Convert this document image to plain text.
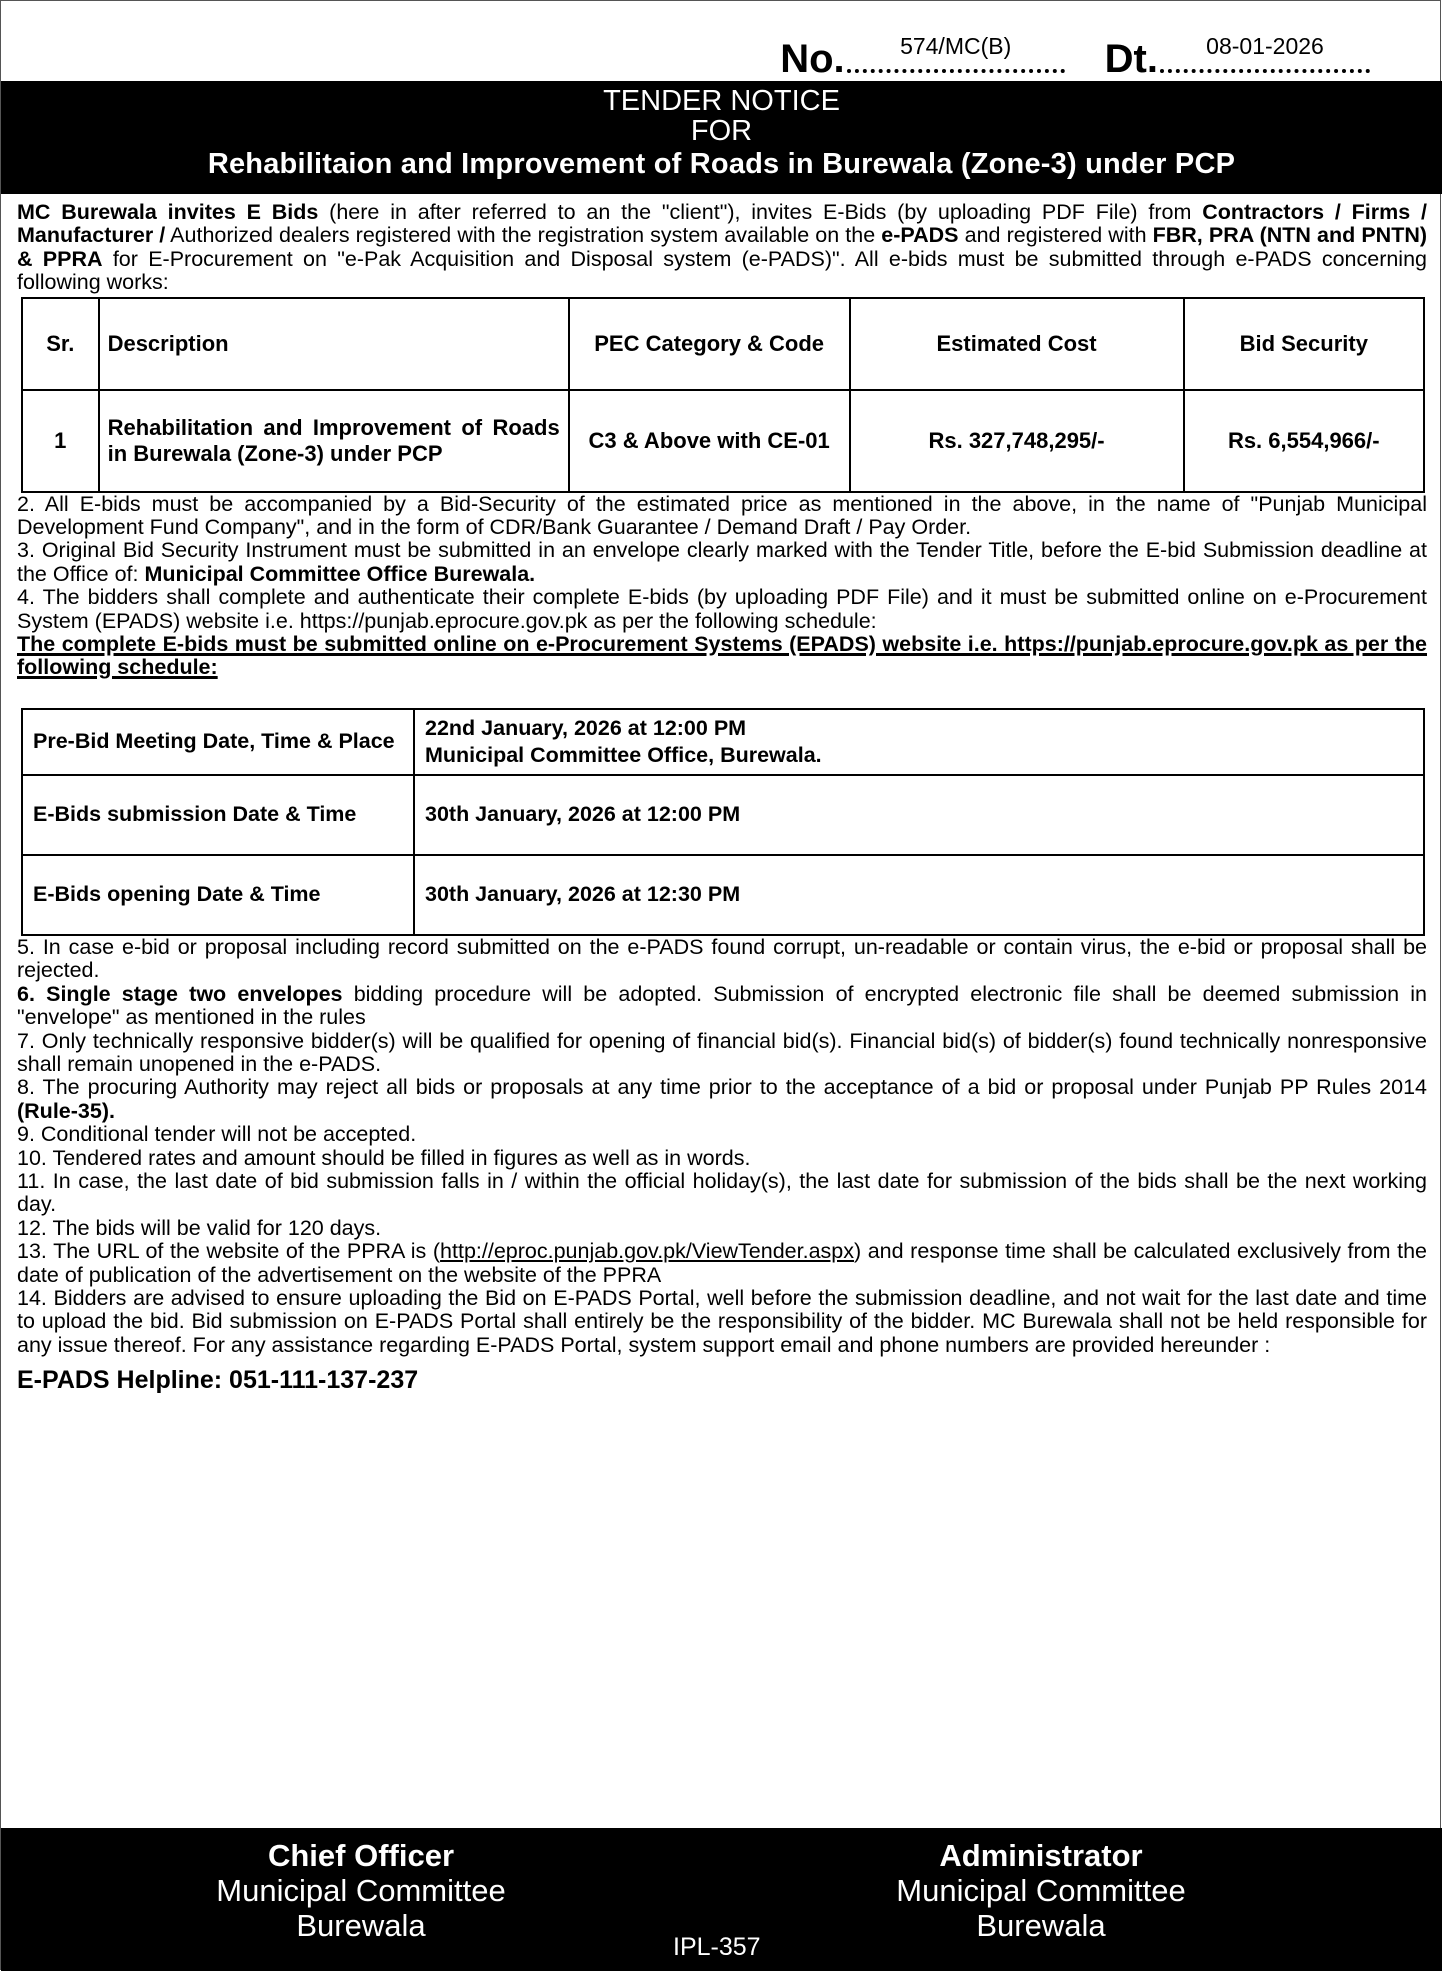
No.	574/MC(B)	Dt.	08-01-2026
TENDER NOTICE
FOR
Rehabilitaion and Improvement of Roads in Burewala (Zone-3) under PCP

MC Burewala invites E Bids (here in after referred to an the "client"), invites E-Bids (by uploading PDF File) from Contractors / Firms / Manufacturer / Authorized dealers registered with the registration system available on the e-PADS and registered with FBR, PRA (NTN and PNTN) & PPRA for E-Procurement on "e-Pak Acquisition and Disposal system (e-PADS)". All e-bids must be submitted through e-PADS concerning following works:

Sr.	Description	PEC Category & Code	Estimated Cost	Bid Security
1	Rehabilitation and Improvement of Roads in Burewala (Zone-3) under PCP	C3 & Above with CE-01	Rs. 327,748,295/-	Rs. 6,554,966/-

2. All E-bids must be accompanied by a Bid-Security of the estimated price as mentioned in the above, in the name of "Punjab Municipal Development Fund Company", and in the form of CDR/Bank Guarantee / Demand Draft / Pay Order.

3. Original Bid Security Instrument must be submitted in an envelope clearly marked with the Tender Title, before the E-bid Submission deadline at the Office of: Municipal Committee Office Burewala.

4. The bidders shall complete and authenticate their complete E-bids (by uploading PDF File) and it must be submitted online on e-Procurement System (EPADS) website i.e. https://punjab.eprocure.gov.pk as per the following schedule:

The complete E-bids must be submitted online on e-Procurement Systems (EPADS) website i.e. https://punjab.eprocure.gov.pk as per the following schedule:

Pre-Bid Meeting Date, Time & Place	22nd January, 2026 at 12:00 PM
Municipal Committee Office, Burewala.

E-Bids submission Date & Time	30th January, 2026 at 12:00 PM
E-Bids opening Date & Time	30th January, 2026 at 12:30 PM

5. In case e-bid or proposal including record submitted on the e-PADS found corrupt, un-readable or contain virus, the e-bid or proposal shall be rejected.

6. Single stage two envelopes bidding procedure will be adopted. Submission of encrypted electronic file shall be deemed submission in "envelope" as mentioned in the rules

7. Only technically responsive bidder(s) will be qualified for opening of financial bid(s). Financial bid(s) of bidder(s) found technically nonresponsive shall remain unopened in the e-PADS.

8. The procuring Authority may reject all bids or proposals at any time prior to the acceptance of a bid or proposal under Punjab PP Rules 2014 (Rule-35).

9. Conditional tender will not be accepted.

10. Tendered rates and amount should be filled in figures as well as in words.

11. In case, the last date of bid submission falls in / within the official holiday(s), the last date for submission of the bids shall be the next working day.

12. The bids will be valid for 120 days.

13. The URL of the website of the PPRA is (http://eproc.punjab.gov.pk/ViewTender.aspx) and response time shall be calculated exclusively from the date of publication of the advertisement on the website of the PPRA

14. Bidders are advised to ensure uploading the Bid on E-PADS Portal, well before the submission deadline, and not wait for the last date and time to upload the bid. Bid submission on E-PADS Portal shall entirely be the responsibility of the bidder. MC Burewala shall not be held responsible for any issue thereof. For any assistance regarding E-PADS Portal, system support email and phone numbers are provided hereunder :

E-PADS Helpline: 051-111-137-237
Chief Officer
Municipal Committee
Burewala
IPL-357
Administrator
Municipal Committee
Burewala
